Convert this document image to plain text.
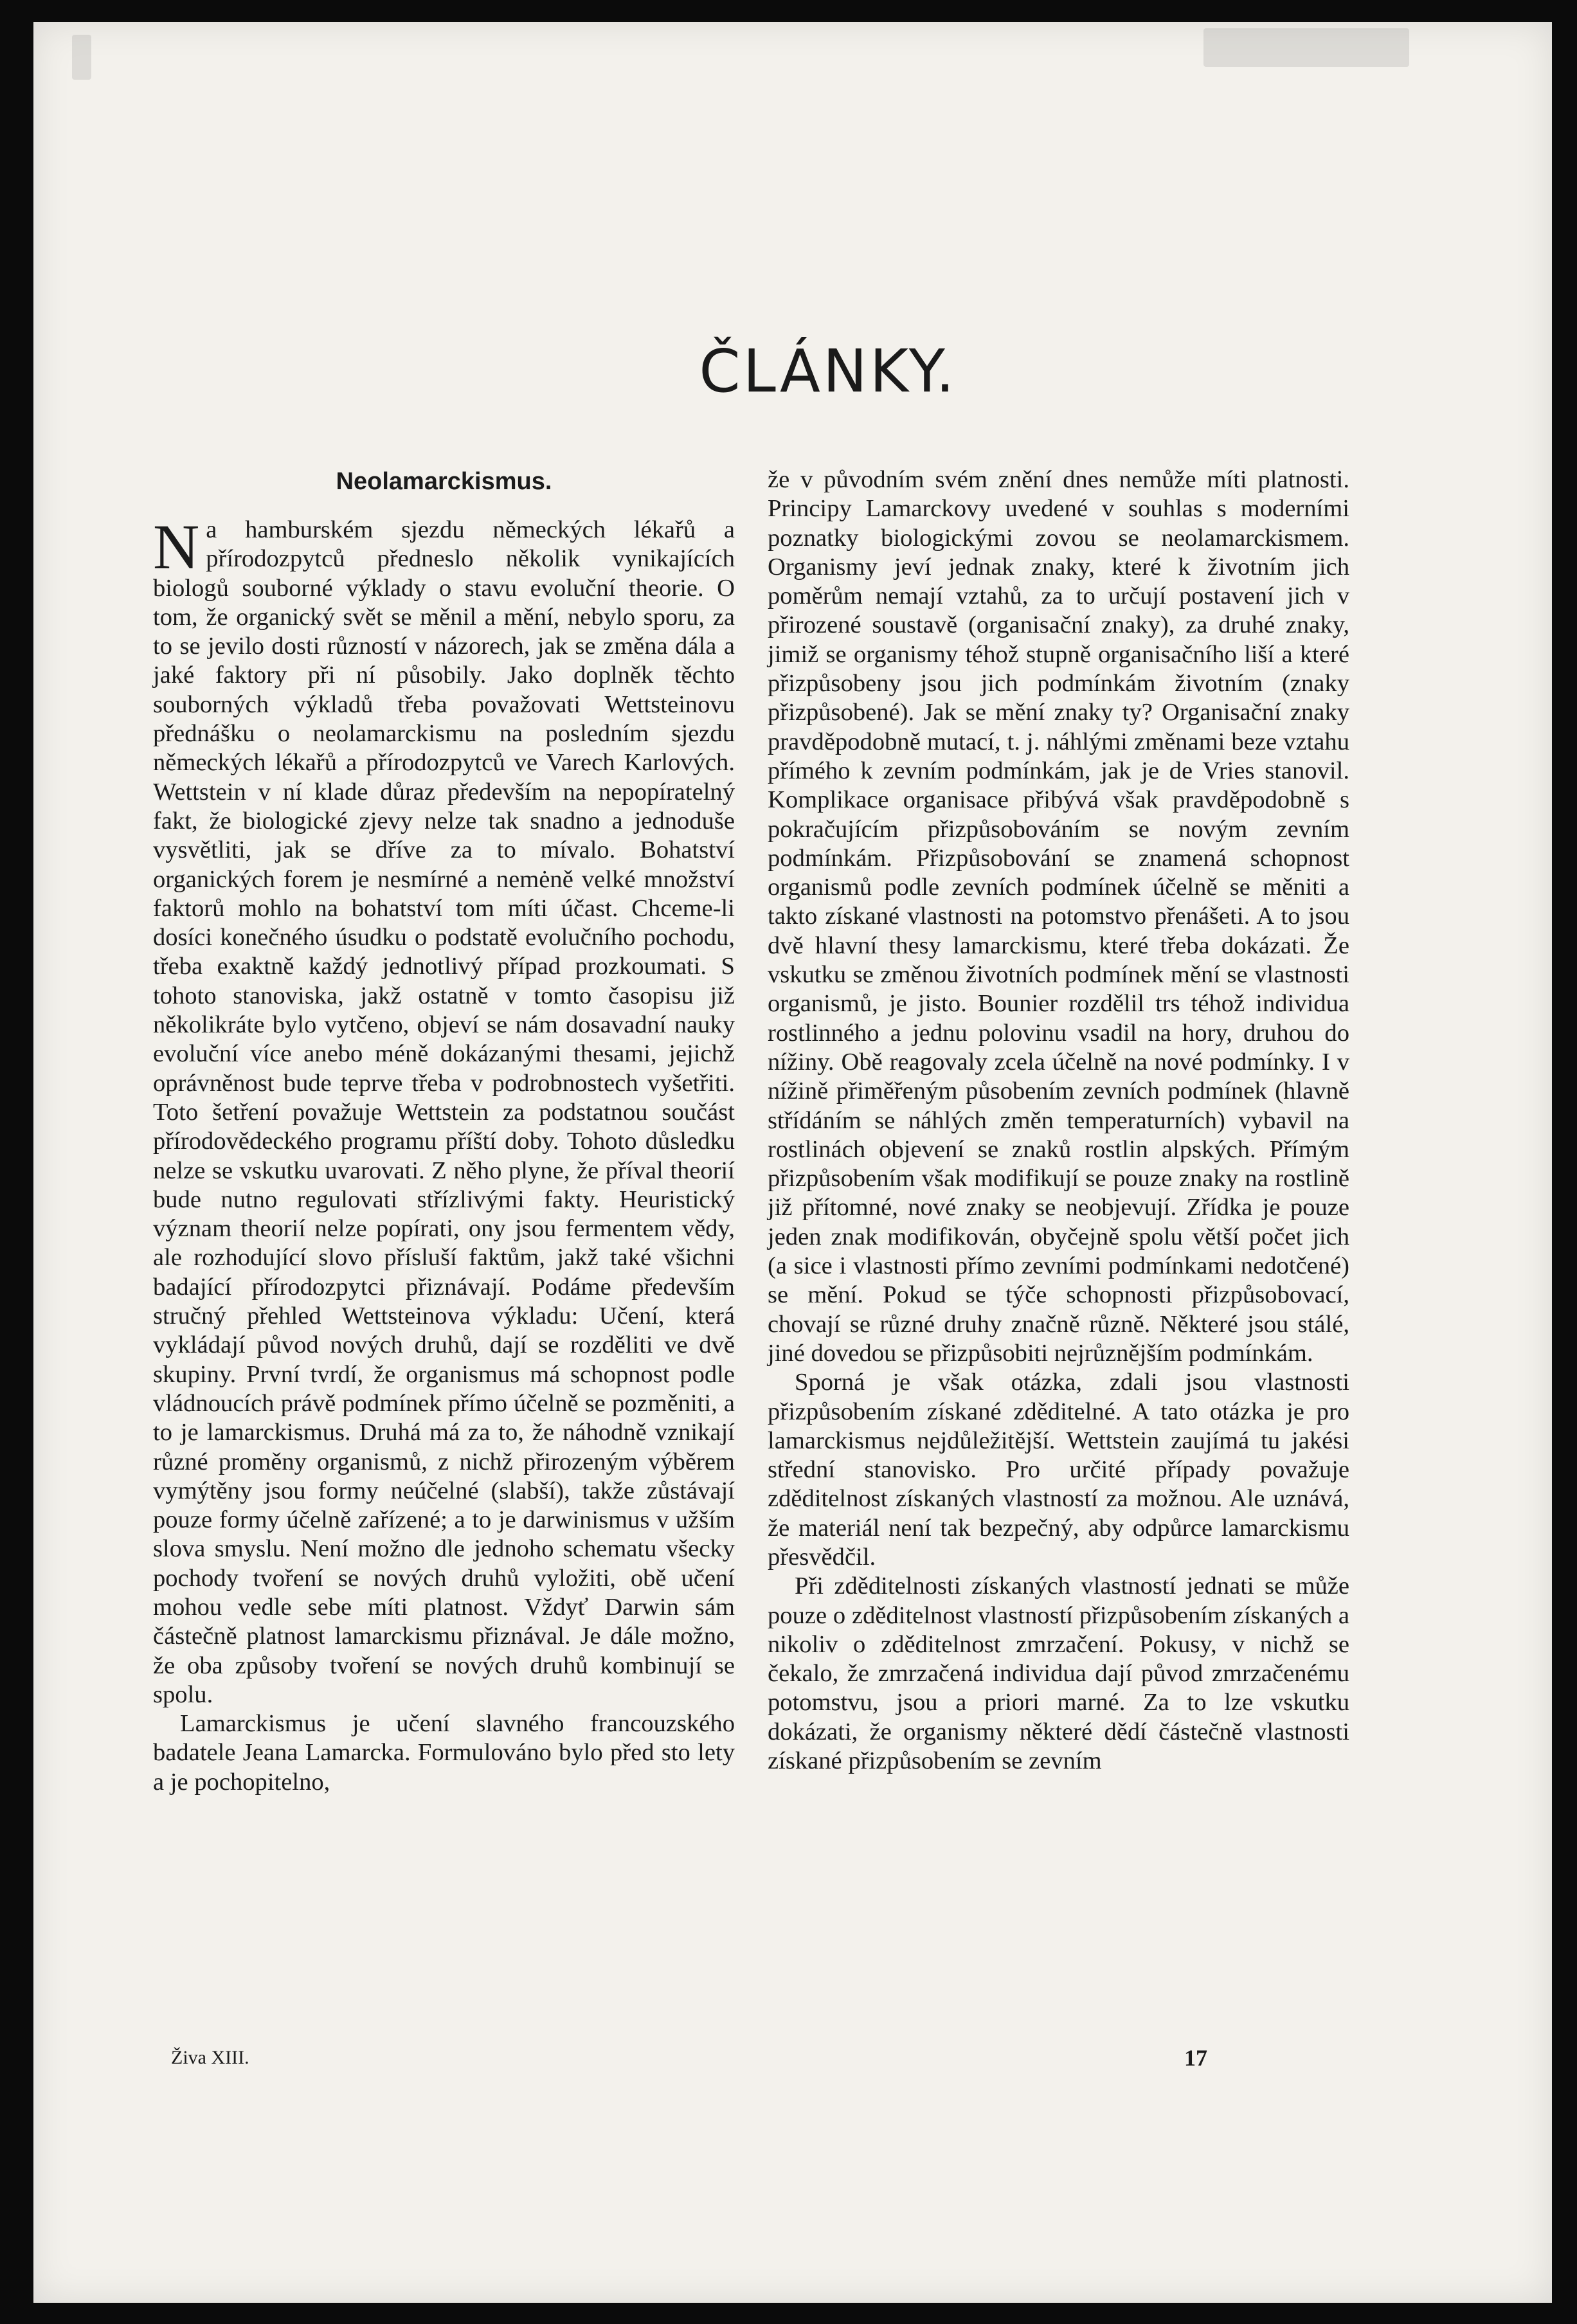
ČLÁNKY.
Neolamarckismus.

Na hamburském sjezdu německých lékařů a přírodozpytců předneslo několik vynikajících biologů souborné výklady o stavu evoluční theorie. O tom, že organický svět se měnil a mění, nebylo sporu, za to se jevilo dosti růzností v názorech, jak se změna dála a jaké faktory při ní působily. Jako doplněk těchto souborných výkladů třeba považovati Wettsteinovu přednášku o neolamarckismu na posledním sjezdu německých lékařů a přírodozpytců ve Varech Karlových. Wettstein v ní klade důraz především na nepopíratelný fakt, že biologické zjevy nelze tak snadno a jednoduše vysvětliti, jak se dříve za to mívalo. Bohatství organických forem je nesmírné a nemėně velké množství faktorů mohlo na bohatství tom míti účast. Chceme-li dosíci konečného úsudku o podstatě evolučního pochodu, třeba exaktně každý jednotlivý případ prozkoumati. S tohoto stanoviska, jakž ostatně v tomto časopisu již několikráte bylo vytčeno, objeví se nám dosavadní nauky evoluční více anebo méně dokázanými thesami, jejichž oprávněnost bude teprve třeba v podrobnostech vyšetřiti. Toto šetření považuje Wettstein za podstatnou součást přírodovědeckého programu příští doby. Tohoto důsledku nelze se vskutku uvarovati. Z něho plyne, že příval theorií bude nutno regulovati střízlivými fakty. Heuristický význam theorií nelze popírati, ony jsou fermentem vědy, ale rozhodující slovo přísluší faktům, jakž také všichni badající přírodozpytci přiznávají. Podáme především stručný přehled Wettsteinova výkladu: Učení, která vykládají původ nových druhů, dají se rozděliti ve dvě skupiny. První tvrdí, že organismus má schopnost podle vládnoucích právě podmínek přímo účelně se pozměniti, a to je lamarckismus. Druhá má za to, že náhodně vznikají různé proměny organismů, z nichž přirozeným výběrem vymýtěny jsou formy neúčelné (slabší), takže zůstávají pouze formy účelně zařízené; a to je darwinismus v užším slova smyslu. Není možno dle jednoho schematu všecky pochody tvoření se nových druhů vyložiti, obě učení mohou vedle sebe míti platnost. Vždyť Darwin sám částečně platnost lamarckismu přiznával. Je dále možno, že oba způsoby tvoření se nových druhů kombinují se spolu.

Lamarckismus je učení slavného francouzského badatele Jeana Lamarcka. Formulováno bylo před sto lety a je pochopitelno,

že v původním svém znění dnes nemůže míti platnosti. Principy Lamarckovy uvedené v souhlas s moderními poznatky biologickými zovou se neolamarckismem. Organismy jeví jednak znaky, které k životním jich poměrům nemají vztahů, za to určují postavení jich v přirozené soustavě (organisační znaky), za druhé znaky, jimiž se organismy téhož stupně organisačního liší a které přizpůsobeny jsou jich podmínkám životním (znaky přizpůsobené). Jak se mění znaky ty? Organisační znaky pravděpodobně mutací, t. j. náhlými změnami beze vztahu přímého k zevním podmínkám, jak je de Vries stanovil. Komplikace organisace přibývá však pravděpodobně s pokračujícím přizpůsobováním se novým zevním podmínkám. Přizpůsobování se znamená schopnost organismů podle zevních podmínek účelně se měniti a takto získané vlastnosti na potomstvo přenášeti. A to jsou dvě hlavní thesy lamarckismu, které třeba dokázati. Že vskutku se změnou životních podmínek mění se vlastnosti organismů, je jisto. Bounier rozdělil trs téhož individua rostlinného a jednu polovinu vsadil na hory, druhou do nížiny. Obě reagovaly zcela účelně na nové podmínky. I v nížině přiměřeným působením zevních podmínek (hlavně střídáním se náhlých změn temperaturních) vybavil na rostlinách objevení se znaků rostlin alpských. Přímým přizpůsobením však modifikují se pouze znaky na rostlině již přítomné, nové znaky se neobjevují. Zřídka je pouze jeden znak modifikován, obyčejně spolu větší počet jich (a sice i vlastnosti přímo zevními podmínkami nedotčené) se mění. Pokud se týče schopnosti přizpůsobovací, chovají se různé druhy značně různě. Některé jsou stálé, jiné dovedou se přizpůsobiti nejrůznějším podmínkám.

Sporná je však otázka, zdali jsou vlastnosti přizpůsobením získané zděditelné. A tato otázka je pro lamarckismus nejdůležitější. Wettstein zaujímá tu jakési střední stanovisko. Pro určité případy považuje zděditelnost získaných vlastností za možnou. Ale uznává, že materiál není tak bezpečný, aby odpůrce lamarckismu přesvědčil.

Při zděditelnosti získaných vlastností jednati se může pouze o zděditelnost vlastností přizpůsobením získaných a nikoliv o zděditelnost zmrzačení. Pokusy, v nichž se čekalo, že zmrzačená individua dají původ zmrzačenému potomstvu, jsou a priori marné. Za to lze vskutku dokázati, že organismy některé dědí částečně vlastnosti získané přizpůsobením se zevním

Živa XIII.	17
